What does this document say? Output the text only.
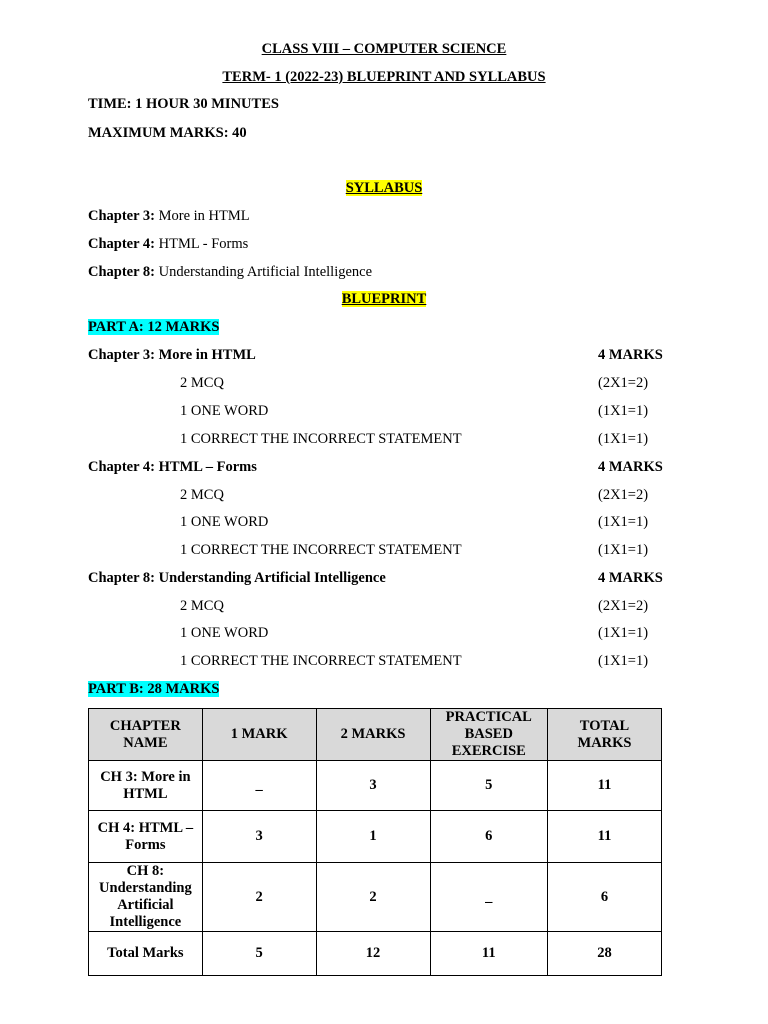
CLASS VIII – COMPUTER SCIENCE
TERM- 1 (2022-23) BLUEPRINT AND SYLLABUS
TIME: 1 HOUR 30 MINUTES
MAXIMUM MARKS: 40
SYLLABUS
Chapter 3: More in HTML
Chapter 4: HTML - Forms
Chapter 8: Understanding Artificial Intelligence
BLUEPRINT
PART A: 12 MARKS
Chapter 3: More in HTML	4 MARKS
2 MCQ	(2X1=2)
1 ONE WORD	(1X1=1)
1 CORRECT THE INCORRECT STATEMENT	(1X1=1)
Chapter 4: HTML – Forms	4 MARKS
2 MCQ	(2X1=2)
1 ONE WORD	(1X1=1)
1 CORRECT THE INCORRECT STATEMENT	(1X1=1)
Chapter 8: Understanding Artificial Intelligence	4 MARKS
2 MCQ	(2X1=2)
1 ONE WORD	(1X1=1)
1 CORRECT THE INCORRECT STATEMENT	(1X1=1)
PART B: 28 MARKS
CHAPTER NAME	1 MARK	2 MARKS	PRACTICAL BASED EXERCISE	TOTAL MARKS
CH 3: More in HTML	_	3	5	11
CH 4: HTML – Forms	3	1	6	11
CH 8: Understanding Artificial Intelligence	2	2	_	6
Total Marks	5	12	11	28
